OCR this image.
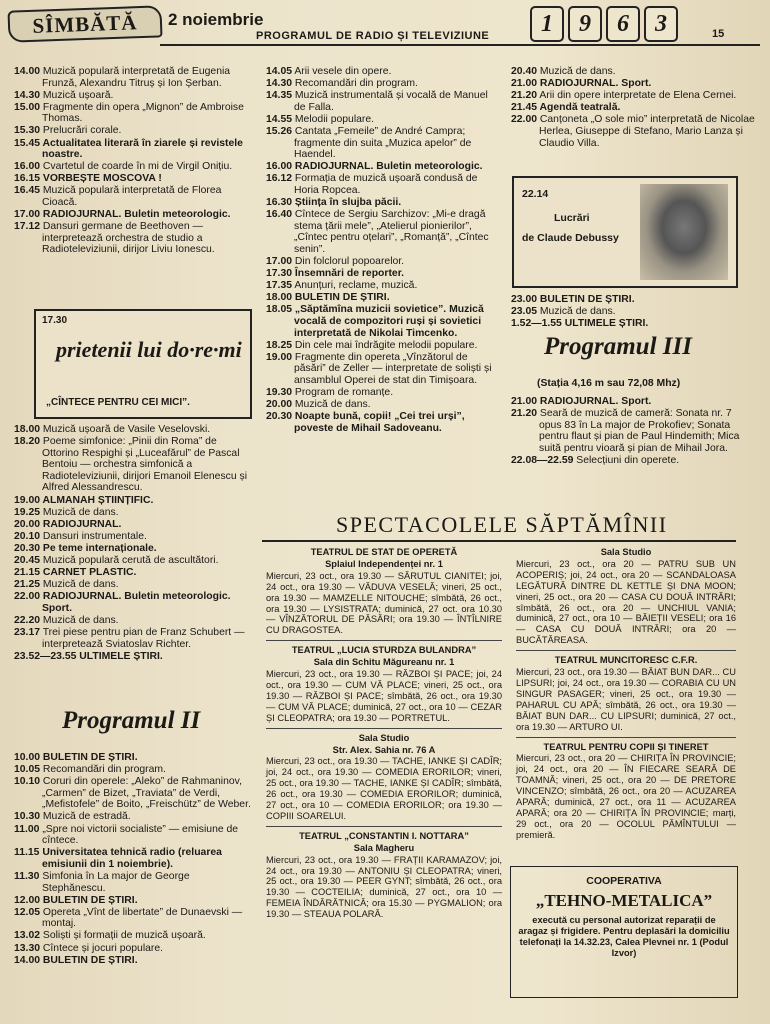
SÎMBĂTĂ	2 noiembrie
PROGRAMUL DE RADIO ȘI TELEVIZIUNE	1	9	6	3	15
14.00 Muzică populară interpretată de Eugenia Frunză, Alexandru Titruș și Ion Șerban.
14.30 Muzică ușoară.
15.00 Fragmente din opera „Mignon” de Ambroise Thomas.
15.30 Prelucrări corale.
15.45 Actualitatea literară în ziarele și revistele noastre.
16.00 Cvartetul de coarde în mi de Virgil Onițiu.
16.15 VORBEȘTE MOSCOVA !
16.45 Muzică populară interpretată de Florea Cioacă.
17.00 RADIOJURNAL. Buletin meteorologic.
17.12 Dansuri germane de Beethoven — interpretează orchestra de studio a Radioteleviziunii, dirijor Liviu Ionescu.
17.30
prietenii lui do·re·mi
„CÎNTECE PENTRU CEI MICI”.
18.00 Muzică ușoară de Vasile Veselovski.
18.20 Poeme simfonice: „Pinii din Roma” de Ottorino Respighi și „Luceafărul” de Pascal Bentoiu — orchestra simfonică a Radioteleviziunii, dirijori Emanoil Elenescu și Alfred Alessandrescu.
19.00 ALMANAH ȘTIINȚIFIC.
19.25 Muzică de dans.
20.00 RADIOJURNAL.
20.10 Dansuri instrumentale.
20.30 Pe teme internaționale.
20.45 Muzică populară cerută de ascultători.
21.15 CARNET PLASTIC.
21.25 Muzică de dans.
22.00 RADIOJURNAL. Buletin meteorologic. Sport.
22.20 Muzică de dans.
23.17 Trei piese pentru pian de Franz Schubert — interpretează Sviatoslav Richter.
23.52—23.55 ULTIMELE ȘTIRI.
Programul II
10.00 BULETIN DE ȘTIRI.
10.05 Recomandări din program.
10.10 Coruri din operele: „Aleko” de Rahmaninov, „Carmen” de Bizet, „Traviata” de Verdi, „Mefistofele” de Boito, „Freischütz” de Weber.
10.30 Muzică de estradă.
11.00 „Spre noi victorii socialiste” — emisiune de cîntece.
11.15 Universitatea tehnică radio (reluarea emisiunii din 1 noiembrie).
11.30 Simfonia în La major de George Stephănescu.
12.00 BULETIN DE ȘTIRI.
12.05 Opereta „Vînt de libertate” de Dunaevski — montaj.
13.02 Soliști și formații de muzică ușoară.
13.30 Cîntece și jocuri populare.
14.00 BULETIN DE ȘTIRI.
14.05 Arii vesele din opere.
14.30 Recomandări din program.
14.35 Muzică instrumentală și vocală de Manuel de Falla.
14.55 Melodii populare.
15.26 Cantata „Femeile” de André Campra; fragmente din suita „Muzica apelor” de Haendel.
16.00 RADIOJURNAL. Buletin meteorologic.
16.12 Formația de muzică ușoară condusă de Horia Ropcea.
16.30 Știința în slujba păcii.
16.40 Cîntece de Sergiu Sarchizov: „Mi-e dragă stema țării mele”, „Atelierul pionierilor”, „Cîntec pentru oțelari”, „Romanță”, „Cîntec senin”.
17.00 Din folclorul popoarelor.
17.30 Însemnări de reporter.
17.35 Anunțuri, reclame, muzică.
18.00 BULETIN DE ȘTIRI.
18.05 „Săptămîna muzicii sovietice”. Muzică vocală de compozitori ruși și sovietici interpretată de Nikolai Timcenko.
18.25 Din cele mai îndrăgite melodii populare.
19.00 Fragmente din opereta „Vînzătorul de păsări” de Zeller — interpretate de soliști și ansamblul Operei de stat din Timișoara.
19.30 Program de romanțe.
20.00 Muzică de dans.
20.30 Noapte bună, copii! „Cei trei urși”, poveste de Mihail Sadoveanu.
20.40 Muzică de dans.
21.00 RADIOJURNAL. Sport.
21.20 Arii din opere interpretate de Elena Cernei.
21.45 Agendă teatrală.
22.00 Canțoneta „O sole mio” interpretată de Nicolae Herlea, Giuseppe di Stefano, Mario Lanza și Claudio Villa.
22.14
Lucrări
de Claude Debussy
23.00 BULETIN DE ȘTIRI.
23.05 Muzică de dans.
1.52—1.55 ULTIMELE ȘTIRI.
Programul III
(Stația 4,16 m sau 72,08 Mhz)
21.00 RADIOJURNAL. Sport.
21.20 Seară de muzică de cameră: Sonata nr. 7 opus 83 în La major de Prokofiev; Sonata pentru flaut și pian de Paul Hindemith; Mica suită pentru vioară și pian de Mihail Jora.
22.08—22.59 Selecțiuni din operete.
SPECTACOLELE SĂPTĂMÎNII
TEATRUL DE STAT DE OPERETĂ
Splaiul Independenței nr. 1
Miercuri, 23 oct., ora 19.30 — SĂRUTUL CIANITEI; joi, 24 oct., ora 19.30 — VĂDUVA VESELĂ; vineri, 25 oct., ora 19.30 — MAMZELLE NITOUCHE; sîmbătă, 26 oct., ora 19.30 — LYSISTRATA; duminică, 27 oct. ora 10.30 — VÎNZĂTORUL DE PĂSĂRI; ora 19.30 — ÎNTÎLNIRE CU DRAGOSTEA.
TEATRUL „LUCIA STURDZA BULANDRA”
Sala din Schitu Măgureanu nr. 1
Miercuri, 23 oct., ora 19.30 — RĂZBOI ȘI PACE; joi, 24 oct., ora 19.30 — CUM VĂ PLACE; vineri, 25 oct., ora 19.30 — RĂZBOI ȘI PACE; sîmbătă, 26 oct., ora 19.30 — CUM VĂ PLACE; duminică, 27 oct., ora 10 — CEZAR ȘI CLEOPATRA; ora 19.30 — PORTRETUL.
Sala Studio
Str. Alex. Sahia nr. 76 A
Miercuri, 23 oct., ora 19.30 — TACHE, IANKE ȘI CADÎR; joi, 24 oct., ora 19.30 — COMEDIA ERORILOR; vineri, 25 oct., ora 19.30 — TACHE, IANKE ȘI CADÎR; sîmbătă, 26 oct., ora 19.30 — COMEDIA ERORILOR; duminică, 27 oct., ora 10 — COMEDIA ERORILOR; ora 19.30 — COPIII SOARELUI.
TEATRUL „CONSTANTIN I. NOTTARA”
Sala Magheru
Miercuri, 23 oct., ora 19.30 — FRAȚII KARAMAZOV; joi, 24 oct., ora 19.30 — ANTONIU ȘI CLEOPATRA; vineri, 25 oct., ora 19.30 — PEER GYNT; sîmbătă, 26 oct., ora 19.30 — COCTEILIA; duminică, 27 oct., ora 10 — FEMEIA ÎNDĂRĂTNICĂ; ora 15.30 — PYGMALION; ora 19.30 — STEAUA POLARĂ.
Sala Studio
Miercuri, 23 oct., ora 20 — PATRU SUB UN ACOPERIȘ; joi, 24 oct., ora 20 — SCANDALOASA LEGĂTURĂ DINTRE DL KETTLE ȘI DNA MOON; vineri, 25 oct., ora 20 — CASA CU DOUĂ INTRĂRI; sîmbătă, 26 oct., ora 20 — UNCHIUL VANIA; duminică, 27 oct., ora 10 — BĂIEȚII VESELI; ora 16 — CASA CU DOUĂ INTRĂRI; ora 20 — BUCĂTĂREASA.
TEATRUL MUNCITORESC C.F.R.
Miercuri, 23 oct., ora 19.30 — BĂIAT BUN DAR... CU LIPSURI; joi, 24 oct., ora 19.30 — CORABIA CU UN SINGUR PASAGER; vineri, 25 oct., ora 19.30 — PAHARUL CU APĂ; sîmbătă, 26 oct., ora 19.30 — BĂIAT BUN DAR... CU LIPSURI; duminică, 27 oct., ora 19.30 — ARTURO UI.
TEATRUL PENTRU COPII ȘI TINERET
Miercuri, 23 oct., ora 20 — CHIRIȚA ÎN PROVINCIE; joi, 24 oct., ora 20 — ÎN FIECARE SEARĂ DE TOAMNĂ; vineri, 25 oct., ora 20 — DE PRETORE VINCENZO; sîmbătă, 26 oct., ora 20 — ACUZAREA APARĂ; duminică, 27 oct., ora 11 — ACUZAREA APARĂ; ora 20 — CHIRIȚA ÎN PROVINCIE; marți, 29 oct., ora 20 — OCOLUL PĂMÎNTULUI — premieră.
COOPERATIVA
„TEHNO-METALICA”
execută cu personal autorizat reparații de aragaz și frigidere. Pentru deplasări la domiciliu telefonați la 14.32.23, Calea Plevnei nr. 1 (Podul Izvor)
